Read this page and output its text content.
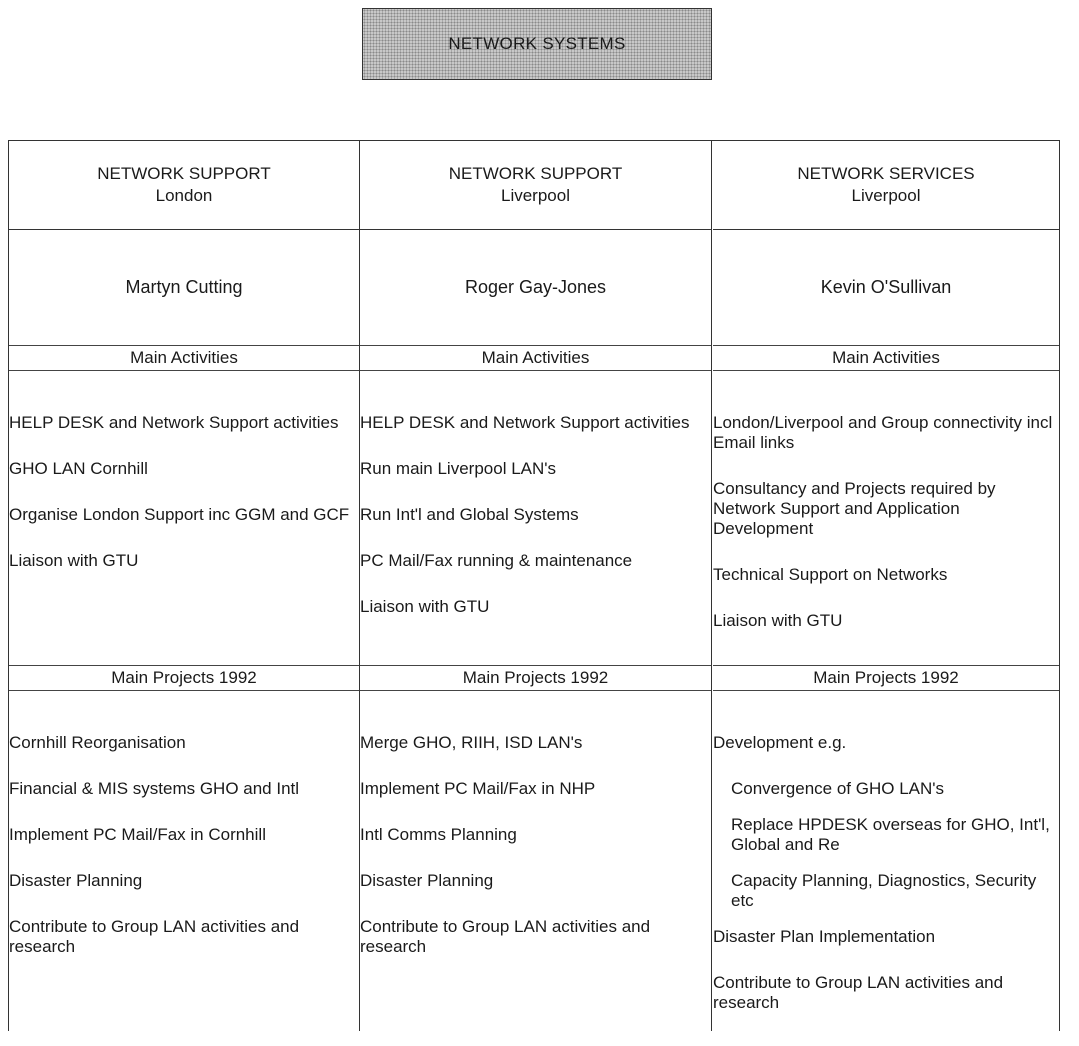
NETWORK SYSTEMS
NETWORK SUPPORT
London
Martyn Cutting
Main Activities
HELP DESK and Network Support activities
GHO LAN Cornhill
Organise London Support inc GGM and GCF
Liaison with GTU
Main Projects 1992
Cornhill Reorganisation
Financial & MIS systems GHO and Intl
Implement PC Mail/Fax in Cornhill
Disaster Planning
Contribute to Group LAN activities and research
NETWORK SUPPORT
Liverpool
Roger Gay-Jones
Main Activities
HELP DESK and Network Support activities
Run main Liverpool LAN's
Run Int'l and Global Systems
PC Mail/Fax running & maintenance
Liaison with GTU
Main Projects 1992
Merge GHO, RIIH, ISD LAN's
Implement PC Mail/Fax in NHP
Intl Comms Planning
Disaster Planning
Contribute to Group LAN activities and research
NETWORK SERVICES
Liverpool
Kevin O'Sullivan
Main Activities
London/Liverpool and Group connectivity incl Email links
Consultancy and Projects required by Network Support and Application Development
Technical Support on Networks
Liaison with GTU
Main Projects 1992
Development e.g.
Convergence of GHO LAN's
Replace HPDESK overseas for GHO, Int'l, Global and Re
Capacity Planning, Diagnostics, Security etc
Disaster Plan Implementation
Contribute to Group LAN activities and research
